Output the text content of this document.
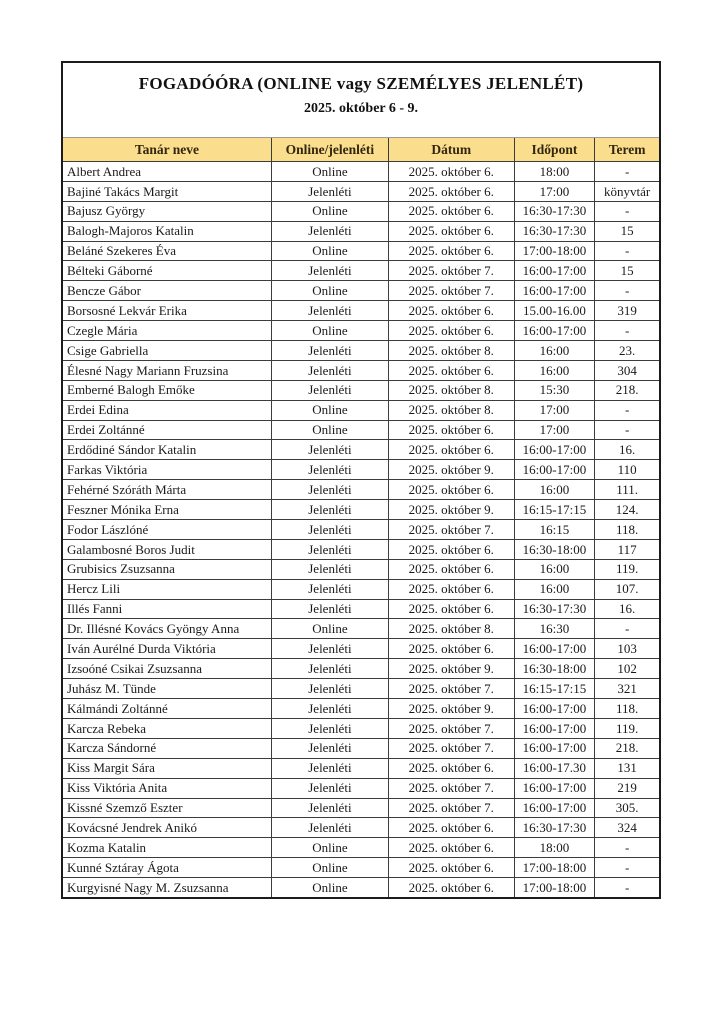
FOGADÓÓRA (ONLINE vagy SZEMÉLYES JELENLÉT)
2025. október 6 - 9.				

Tanár neve	Online/jelenléti	Dátum	Időpont	Terem
Albert Andrea	Online	2025. október 6.	18:00	-
Bajiné Takács Margit	Jelenléti	2025. október 6.	17:00	könyvtár
Bajusz György	Online	2025. október 6.	16:30-17:30	-
Balogh-Majoros Katalin	Jelenléti	2025. október 6.	16:30-17:30	15
Beláné Szekeres Éva	Online	2025. október 6.	17:00-18:00	-
Bélteki Gáborné	Jelenléti	2025. október 7.	16:00-17:00	15
Bencze Gábor	Online	2025. október 7.	16:00-17:00	-
Borsosné Lekvár Erika	Jelenléti	2025. október 6.	15.00-16.00	319
Czegle Mária	Online	2025. október 6.	16:00-17:00	-
Csige Gabriella	Jelenléti	2025. október 8.	16:00	23.
Élesné Nagy Mariann Fruzsina	Jelenléti	2025. október 6.	16:00	304
Emberné Balogh Emőke	Jelenléti	2025. október 8.	15:30	218.
Erdei Edina	Online	2025. október 8.	17:00	-
Erdei Zoltánné	Online	2025. október 6.	17:00	-
Erdődiné Sándor Katalin	Jelenléti	2025. október 6.	16:00-17:00	16.
Farkas Viktória	Jelenléti	2025. október 9.	16:00-17:00	110
Fehérné Szóráth Márta	Jelenléti	2025. október 6.	16:00	111.
Feszner Mónika Erna	Jelenléti	2025. október 9.	16:15-17:15	124.
Fodor Lászlóné	Jelenléti	2025. október 7.	16:15	118.
Galambosné Boros Judit	Jelenléti	2025. október 6.	16:30-18:00	117
Grubisics Zsuzsanna	Jelenléti	2025. október 6.	16:00	119.
Hercz Lili	Jelenléti	2025. október 6.	16:00	107.
Illés Fanni	Jelenléti	2025. október 6.	16:30-17:30	16.
Dr. Illésné Kovács Gyöngy Anna	Online	2025. október 8.	16:30	-
Iván Aurélné Durda Viktória	Jelenléti	2025. október 6.	16:00-17:00	103
Izsoóné Csikai Zsuzsanna	Jelenléti	2025. október 9.	16:30-18:00	102
Juhász M. Tünde	Jelenléti	2025. október 7.	16:15-17:15	321
Kálmándi Zoltánné	Jelenléti	2025. október 9.	16:00-17:00	118.
Karcza Rebeka	Jelenléti	2025. október 7.	16:00-17:00	119.
Karcza Sándorné	Jelenléti	2025. október 7.	16:00-17:00	218.
Kiss Margit Sára	Jelenléti	2025. október 6.	16:00-17.30	131
Kiss Viktória Anita	Jelenléti	2025. október 7.	16:00-17:00	219
Kissné Szemző Eszter	Jelenléti	2025. október 7.	16:00-17:00	305.
Kovácsné Jendrek Anikó	Jelenléti	2025. október 6.	16:30-17:30	324
Kozma Katalin	Online	2025. október 6.	18:00	-
Kunné Sztáray Ágota	Online	2025. október 6.	17:00-18:00	-
Kurgyisné Nagy M. Zsuzsanna	Online	2025. október 6.	17:00-18:00	-
